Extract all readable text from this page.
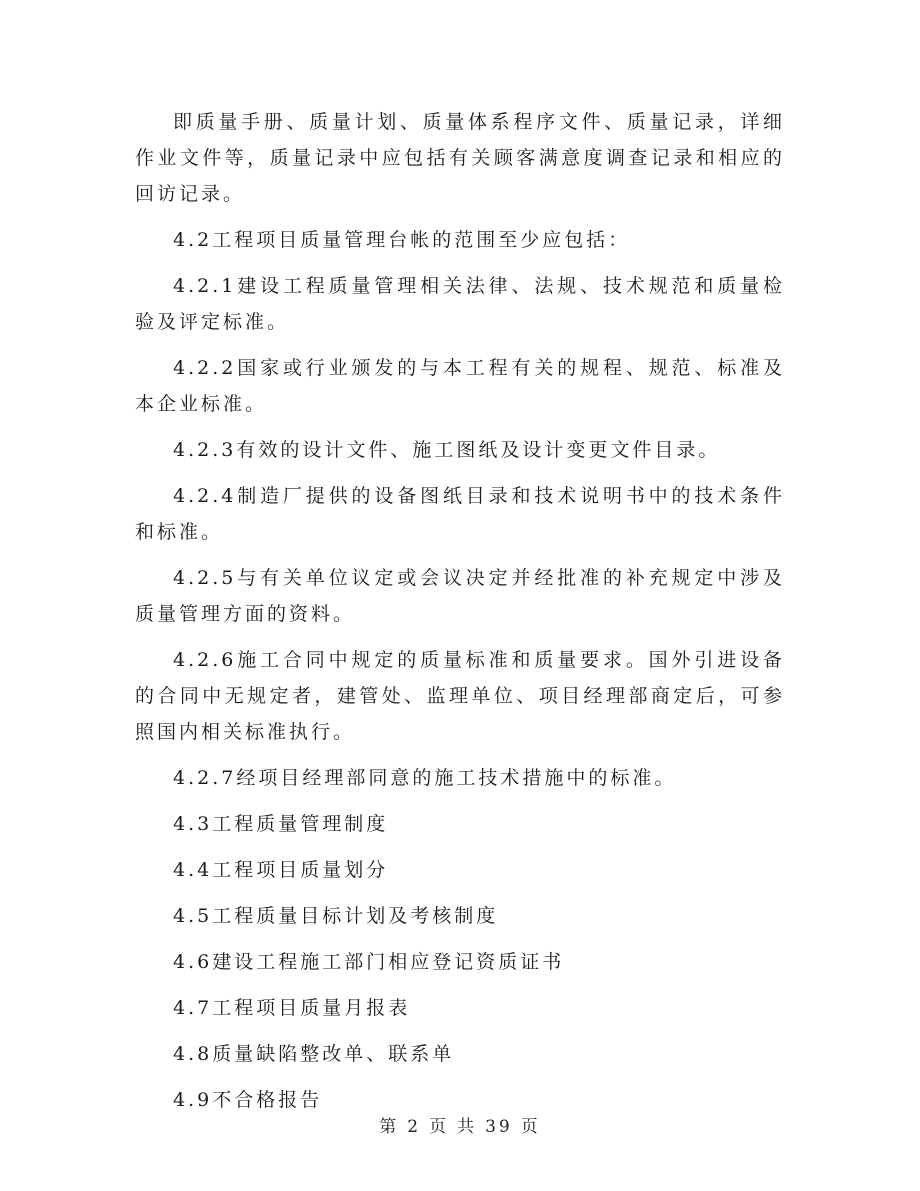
即质量手册、质量计划、质量体系程序文件、质量记录，详细作业文件等，质量记录中应包括有关顾客满意度调查记录和相应的回访记录。

4.2工程项目质量管理台帐的范围至少应包括：

4.2.1建设工程质量管理相关法律、法规、技术规范和质量检验及评定标准。

4.2.2国家或行业颁发的与本工程有关的规程、规范、标准及本企业标准。

4.2.3有效的设计文件、施工图纸及设计变更文件目录。

4.2.4制造厂提供的设备图纸目录和技术说明书中的技术条件和标准。

4.2.5与有关单位议定或会议决定并经批准的补充规定中涉及质量管理方面的资料。

4.2.6施工合同中规定的质量标准和质量要求。国外引进设备的合同中无规定者，建管处、监理单位、项目经理部商定后，可参照国内相关标准执行。

4.2.7经项目经理部同意的施工技术措施中的标准。

4.3工程质量管理制度

4.4工程项目质量划分

4.5工程质量目标计划及考核制度

4.6建设工程施工部门相应登记资质证书

4.7工程项目质量月报表

4.8质量缺陷整改单、联系单

4.9不合格报告

第 2 页 共 39 页
